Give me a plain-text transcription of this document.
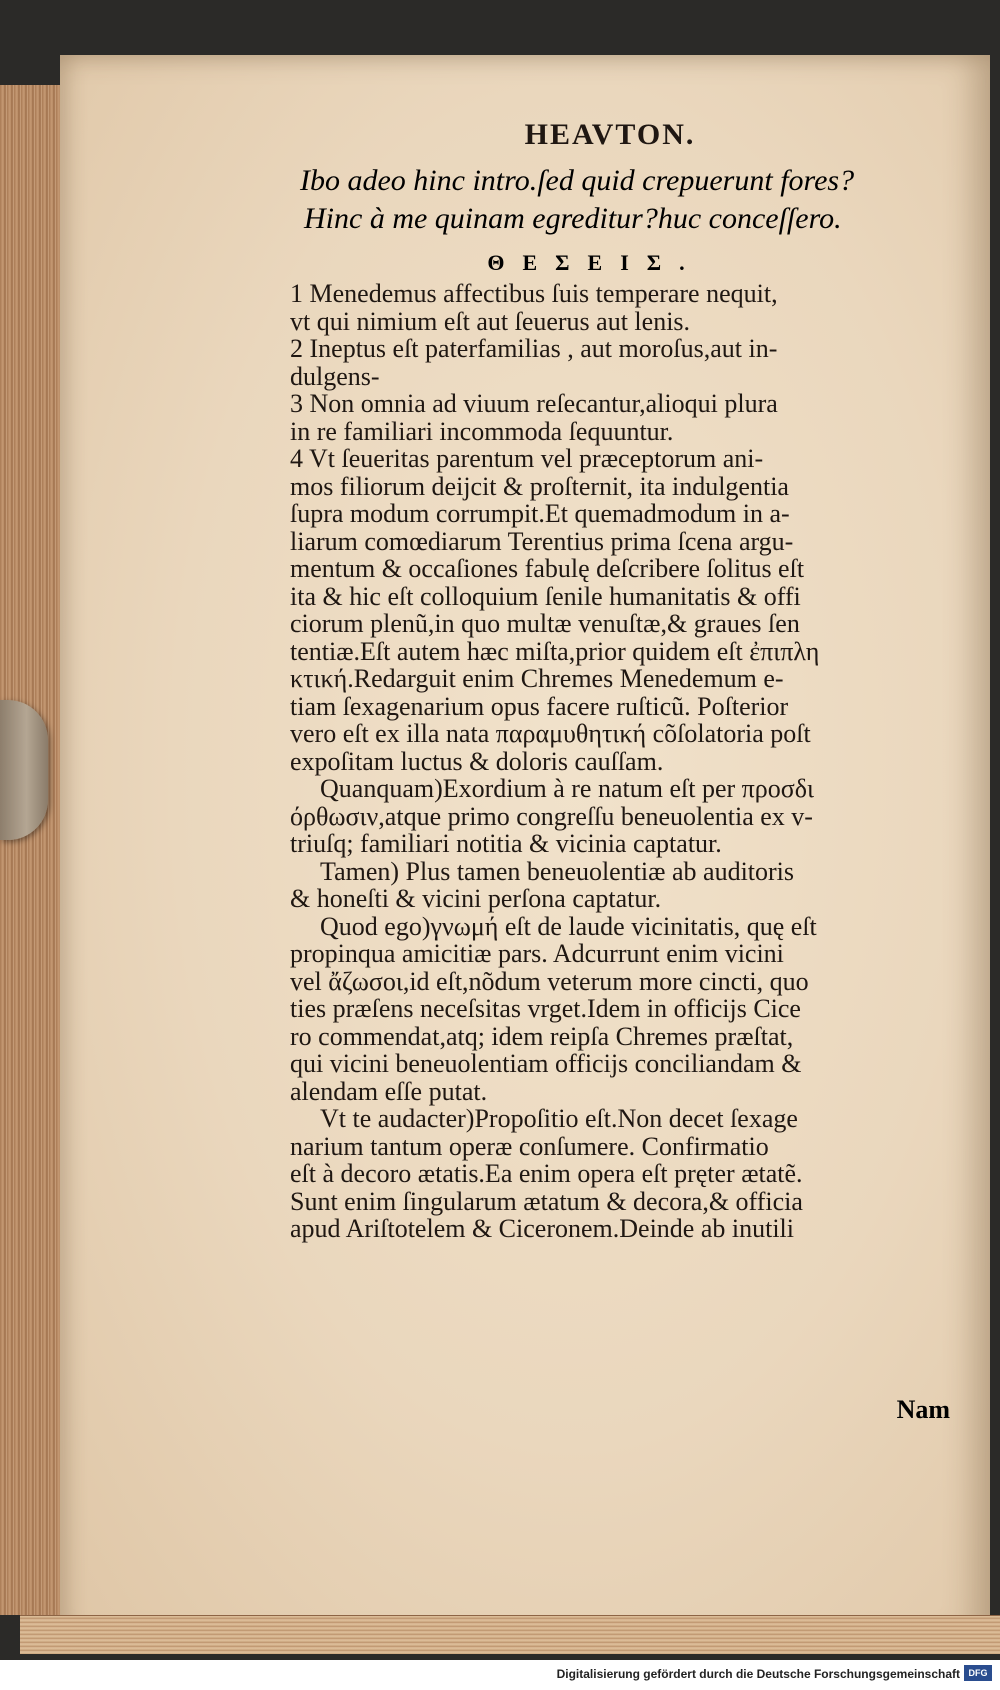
HEAVTON.

Ibo adeo hinc intro.ſed quid crepuerunt fores?

Hinc à me quinam egreditur?huc conceſſero.

ΘΕΣΕΙΣ.

1 Menedemus affectibus ſuis temperare nequit,

vt qui nimium eſt aut ſeuerus aut lenis.

2 Ineptus eſt paterfamilias , aut moroſus,aut in-

dulgens-

3 Non omnia ad viuum reſecantur,alioqui plura

in re familiari incommoda ſequuntur.

4 Vt ſeueritas parentum vel præceptorum ani-

mos filiorum deijcit & proſternit, ita indulgentia

ſupra modum corrumpit.Et quemadmodum in a-

liarum comœdiarum Terentius prima ſcena argu-

mentum & occaſiones fabulę deſcribere ſolitus eſt

ita & hic eſt colloquium ſenile humanitatis & offi

ciorum plenũ,in quo multæ venuſtæ,& graues ſen

tentiæ.Eſt autem hæc miſta,prior quidem eſt ἐπιπλη

κτική.Redarguit enim Chremes Menedemum e-

tiam ſexagenarium opus facere ruſticũ. Poſterior

vero eſt ex illa nata παραμυθητική cõſolatoria poſt

expoſitam luctus & doloris cauſſam.

Quanquam)Exordium à re natum eſt per προσδι

όρθωσιν,atque primo congreſſu beneuolentia ex v-

triuſq; familiari notitia & vicinia captatur.

Tamen) Plus tamen beneuolentiæ ab auditoris

& honeſti & vicini perſona captatur.

Quod ego)γνωμή eſt de laude vicinitatis, quę eſt

propinqua amicitiæ pars. Adcurrunt enim vicini

vel ἄζωσοι,id eſt,nõdum veterum more cincti, quo

ties præſens neceſsitas vrget.Idem in officijs Cice

ro commendat,atq; idem reipſa Chremes præſtat,

qui vicini beneuolentiam officijs conciliandam &

alendam eſſe putat.

Vt te audacter)Propoſitio eſt.Non decet ſexage

narium tantum operæ conſumere. Confirmatio

eſt à decoro ætatis.Ea enim opera eſt pręter ætatẽ.

Sunt enim ſingularum ætatum & decora,& officia

apud Ariſtotelem & Ciceronem.Deinde ab inutili

Nam
Digitalisierung gefördert durch die Deutsche Forschungsgemeinschaft DFG
